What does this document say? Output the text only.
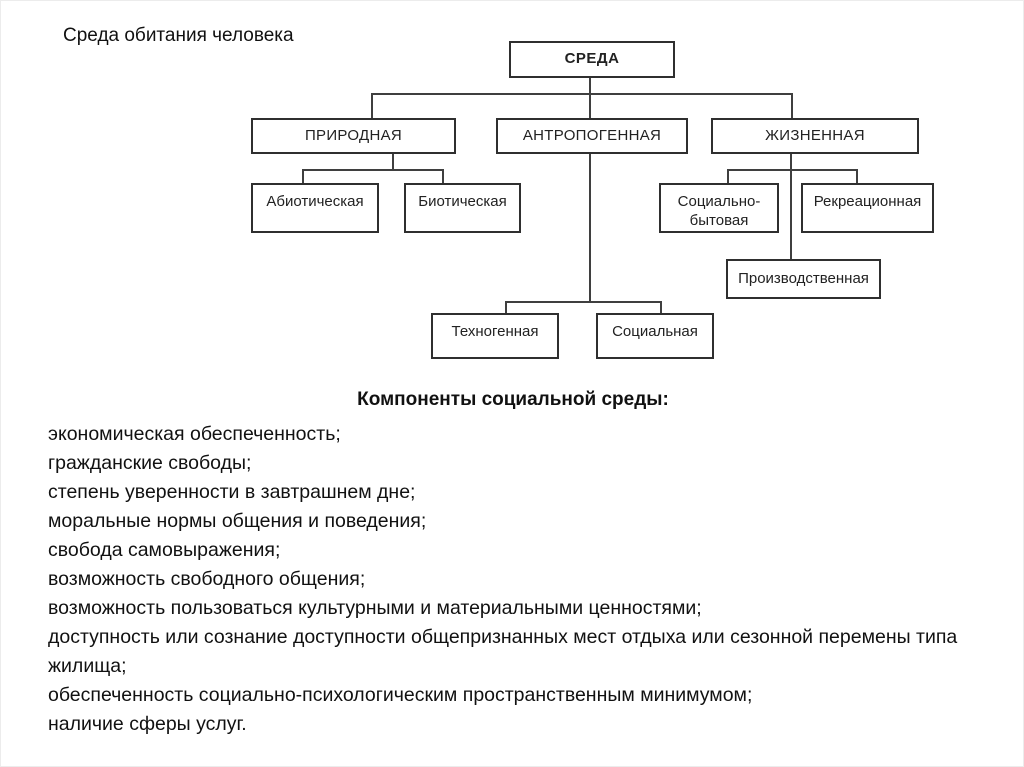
Среда обитания человека
СРЕДА
ПРИРОДНАЯ	АНТРОПОГЕННАЯ	ЖИЗНЕННАЯ
Абиотическая	Биотическая	Социально-бытовая
Рекреационная
Производственная
Техногенная	Социальная
Компоненты социальной среды:
экономическая обеспеченность;
гражданские свободы;
степень уверенности в завтрашнем дне;
моральные нормы общения и поведения;
свобода самовыражения;
возможность свободного общения;
возможность пользоваться культурными и материальными ценностями;
доступность или сознание доступности общепризнанных мест отдыха или сезонной перемены типа жилища;
обеспеченность социально-психологическим пространственным минимумом;
наличие сферы услуг.
